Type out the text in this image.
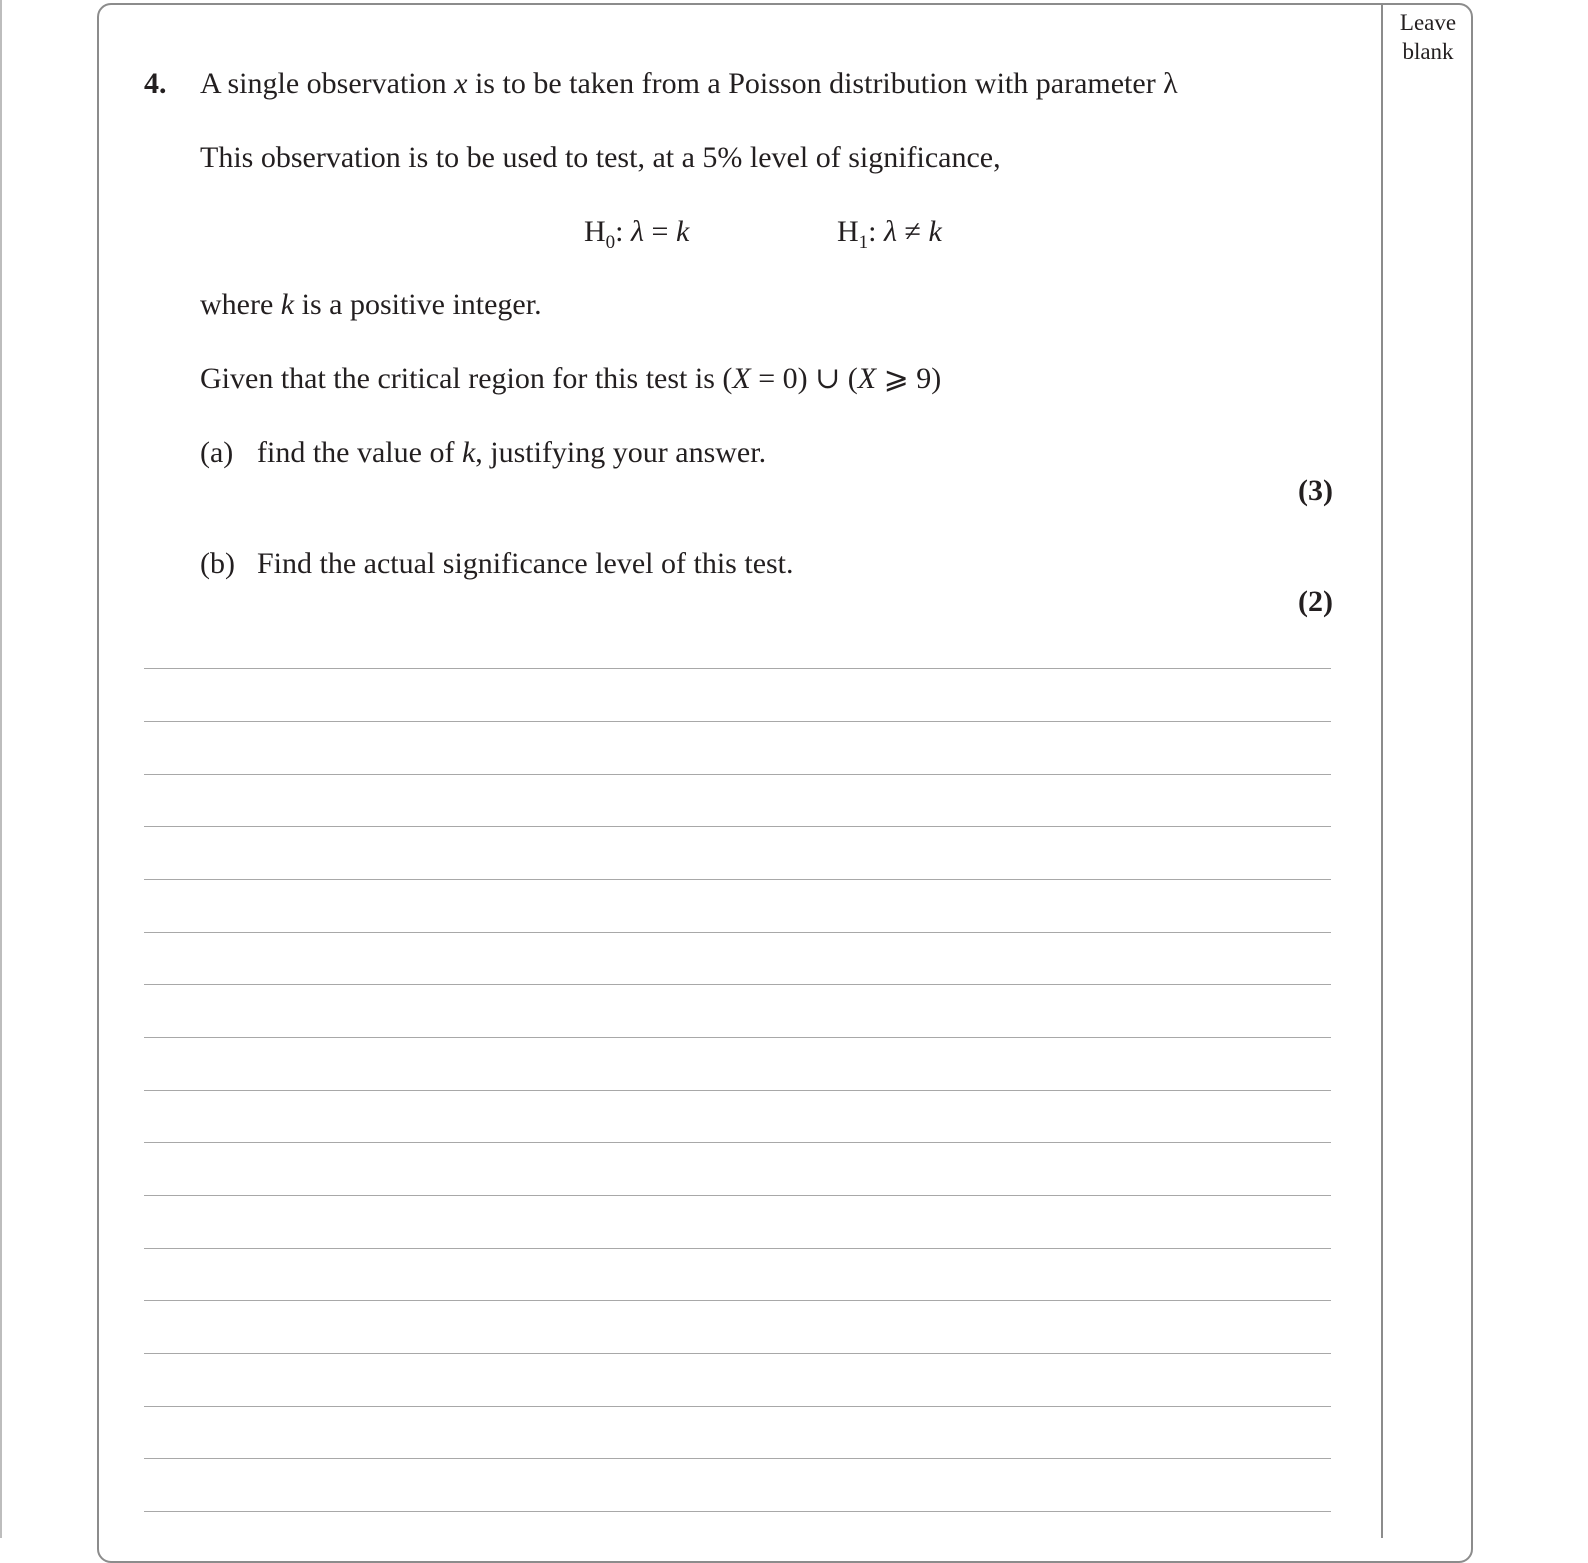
Leave
blank
4. A single observation x is to be taken from a Poisson distribution with parameter λ
This observation is to be used to test, at a 5% level of significance,
$H_0$: λ = k	$H_1$: λ ≠ k
where k is a positive integer.
Given that the critical region for this test is (X = 0) ∪ (X ⩾ 9)
(a) find the value of k, justifying your answer.
(3)
(b) Find the actual significance level of this test.
(2)
